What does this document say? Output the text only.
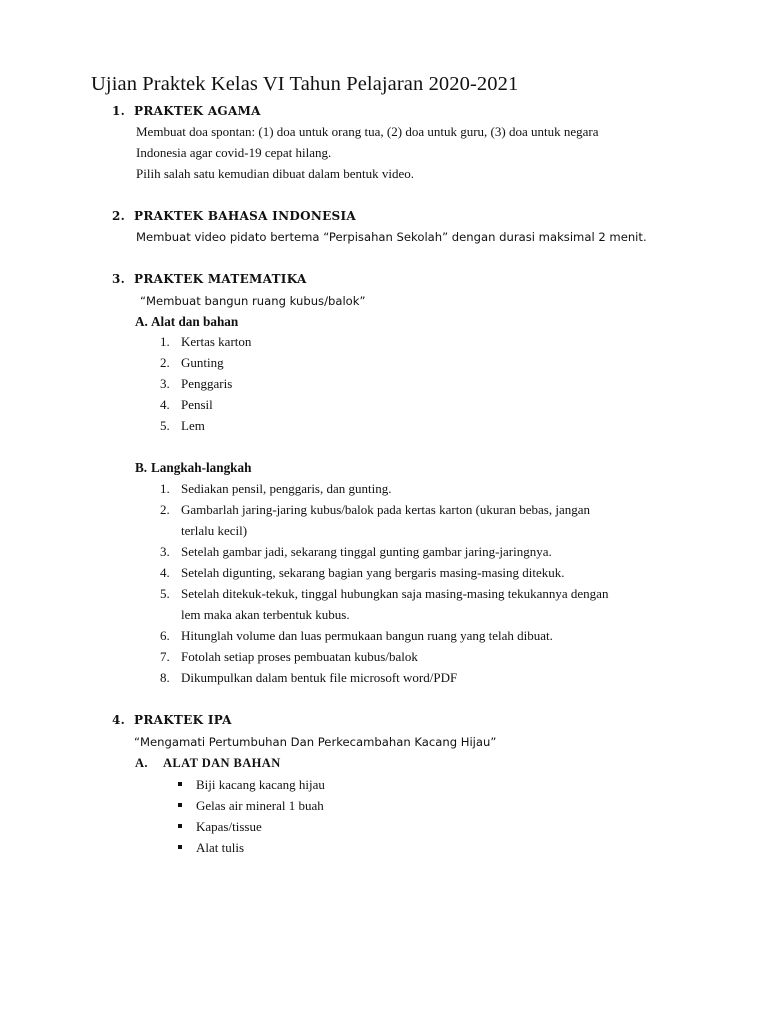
Ujian Praktek Kelas VI Tahun Pelajaran 2020-2021
1. PRAKTEK AGAMA
Membuat doa spontan: (1) doa untuk orang tua, (2) doa untuk guru, (3) doa untuk negara
Indonesia agar covid-19 cepat hilang.
Pilih salah satu kemudian dibuat dalam bentuk video.
2. PRAKTEK BAHASA INDONESIA
Membuat video pidato bertema “Perpisahan Sekolah” dengan durasi maksimal 2 menit.
3. PRAKTEK MATEMATIKA
“Membuat bangun ruang kubus/balok”
A. Alat dan bahan
1. Kertas karton
2. Gunting
3. Penggaris
4. Pensil
5. Lem
B. Langkah-langkah
1. Sediakan pensil, penggaris, dan gunting.
2. Gambarlah jaring-jaring kubus/balok pada kertas karton (ukuran bebas, jangan
terlalu kecil)
3. Setelah gambar jadi, sekarang tinggal gunting gambar jaring-jaringnya.
4. Setelah digunting, sekarang bagian yang bergaris masing-masing ditekuk.
5. Setelah ditekuk-tekuk, tinggal hubungkan saja masing-masing tekukannya dengan
lem maka akan terbentuk kubus.
6. Hitunglah volume dan luas permukaan bangun ruang yang telah dibuat.
7. Fotolah setiap proses pembuatan kubus/balok
8. Dikumpulkan dalam bentuk file microsoft word/PDF
4. PRAKTEK IPA
“Mengamati Pertumbuhan Dan Perkecambahan Kacang Hijau”
A. ALAT DAN BAHAN
Biji kacang kacang hijau
Gelas air mineral 1 buah
Kapas/tissue
Alat tulis
